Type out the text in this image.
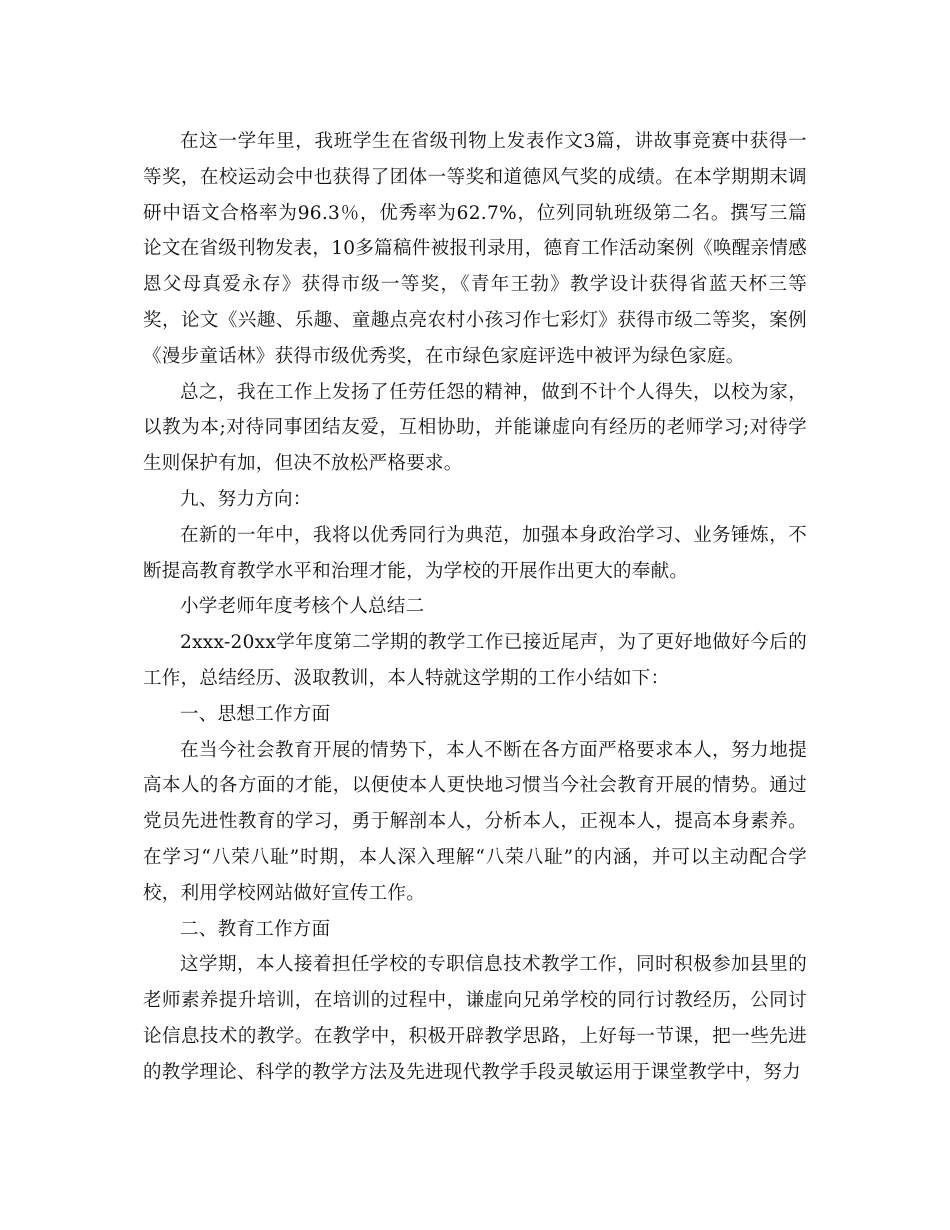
在这一学年里，我班学生在省级刊物上发表作文3篇，讲故事竞赛中获得一等奖，在校运动会中也获得了团体一等奖和道德风气奖的成绩。在本学期期末调研中语文合格率为96.3％，优秀率为62.7%，位列同轨班级第二名。撰写三篇论文在省级刊物发表，10多篇稿件被报刊录用，德育工作活动案例《唤醒亲情感恩父母真爱永存》获得市级一等奖，《青年王勃》教学设计获得省蓝天杯三等奖，论文《兴趣、乐趣、童趣点亮农村小孩习作七彩灯》获得市级二等奖，案例《漫步童话林》获得市级优秀奖，在市绿色家庭评选中被评为绿色家庭。

总之，我在工作上发扬了任劳任怨的精神，做到不计个人得失，以校为家，以教为本;对待同事团结友爱，互相协助，并能谦虚向有经历的老师学习;对待学生则保护有加，但决不放松严格要求。

九、努力方向：

在新的一年中，我将以优秀同行为典范，加强本身政治学习、业务锤炼，不断提高教育教学水平和治理才能，为学校的开展作出更大的奉献。

小学老师年度考核个人总结二

2xxx-20xx学年度第二学期的教学工作已接近尾声，为了更好地做好今后的工作，总结经历、汲取教训，本人特就这学期的工作小结如下：

一、思想工作方面

在当今社会教育开展的情势下，本人不断在各方面严格要求本人，努力地提高本人的各方面的才能，以便使本人更快地习惯当今社会教育开展的情势。通过党员先进性教育的学习，勇于解剖本人，分析本人，正视本人，提高本身素养。在学习“八荣八耻”时期，本人深入理解“八荣八耻”的内涵，并可以主动配合学校，利用学校网站做好宣传工作。

二、教育工作方面

这学期，本人接着担任学校的专职信息技术教学工作，同时积极参加县里的老师素养提升培训，在培训的过程中，谦虚向兄弟学校的同行讨教经历，公同讨论信息技术的教学。在教学中，积极开辟教学思路，上好每一节课，把一些先进的教学理论、科学的教学方法及先进现代教学手段灵敏运用于课堂教学中，努力
